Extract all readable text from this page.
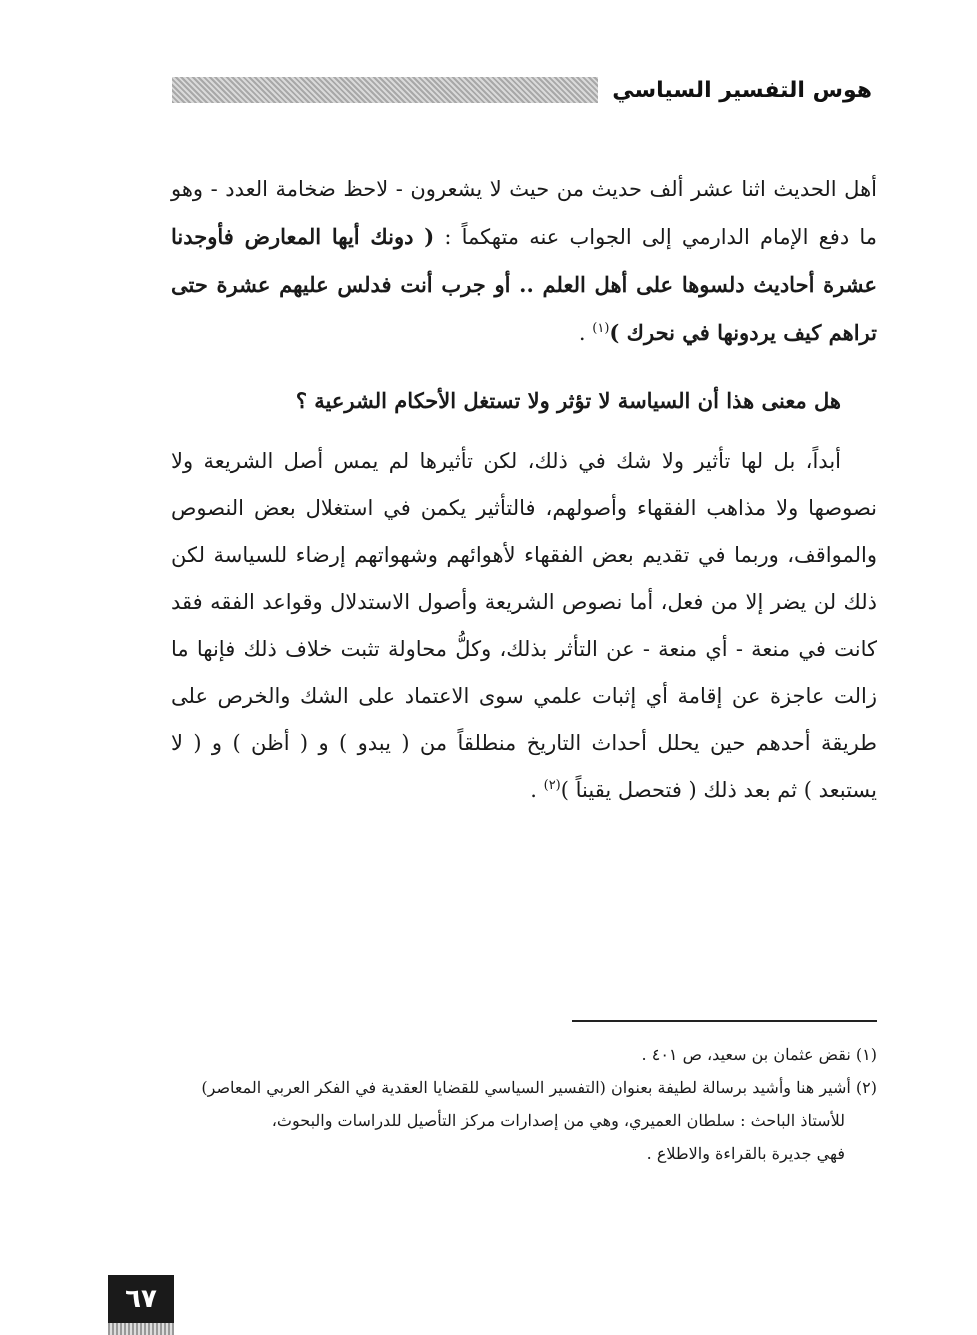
هوس التفسير السياسي

أهل الحديث اثنا عشر ألف حديث من حيث لا يشعرون - لاحظ ضخامة العدد - وهو ما دفع الإمام الدارمي إلى الجواب عنه متهكماً : ( دونك أيها المعارض فأوجدنا عشرة أحاديث دلسوها على أهل العلم .. أو جرب أنت فدلس عليهم عشرة حتى تراهم كيف يردونها في نحرك )$^{(١)}$ .

هل معنى هذا أن السياسة لا تؤثر ولا تستغل الأحكام الشرعية ؟

أبداً، بل لها تأثير ولا شك في ذلك، لكن تأثيرها لم يمس أصل الشريعة ولا نصوصها ولا مذاهب الفقهاء وأصولهم، فالتأثير يكمن في استغلال بعض النصوص والمواقف، وربما في تقديم بعض الفقهاء لأهوائهم وشهواتهم إرضاء للسياسة لكن ذلك لن يضر إلا من فعل، أما نصوص الشريعة وأصول الاستدلال وقواعد الفقه فقد كانت في منعة - أي منعة - عن التأثر بذلك، وكلُّ محاولة تثبت خلاف ذلك فإنها ما زالت عاجزة عن إقامة أي إثبات علمي سوى الاعتماد على الشك والخرص على طريقة أحدهم حين يحلل أحداث التاريخ منطلقاً من ( يبدو ) و ( أظن ) و ( لا يستبعد ) ثم بعد ذلك ( فتحصل يقيناً )$^{(٢)}$ .

(١) نقض عثمان بن سعيد، ص ٤٠١ .

(٢) أشير هنا وأشيد برسالة لطيفة بعنوان (التفسير السياسي للقضايا العقدية في الفكر العربي المعاصر)

للأستاذ الباحث : سلطان العميري، وهي من إصدارات مركز التأصيل للدراسات والبحوث،

فهي جديرة بالقراءة والاطلاع .

٦٧
